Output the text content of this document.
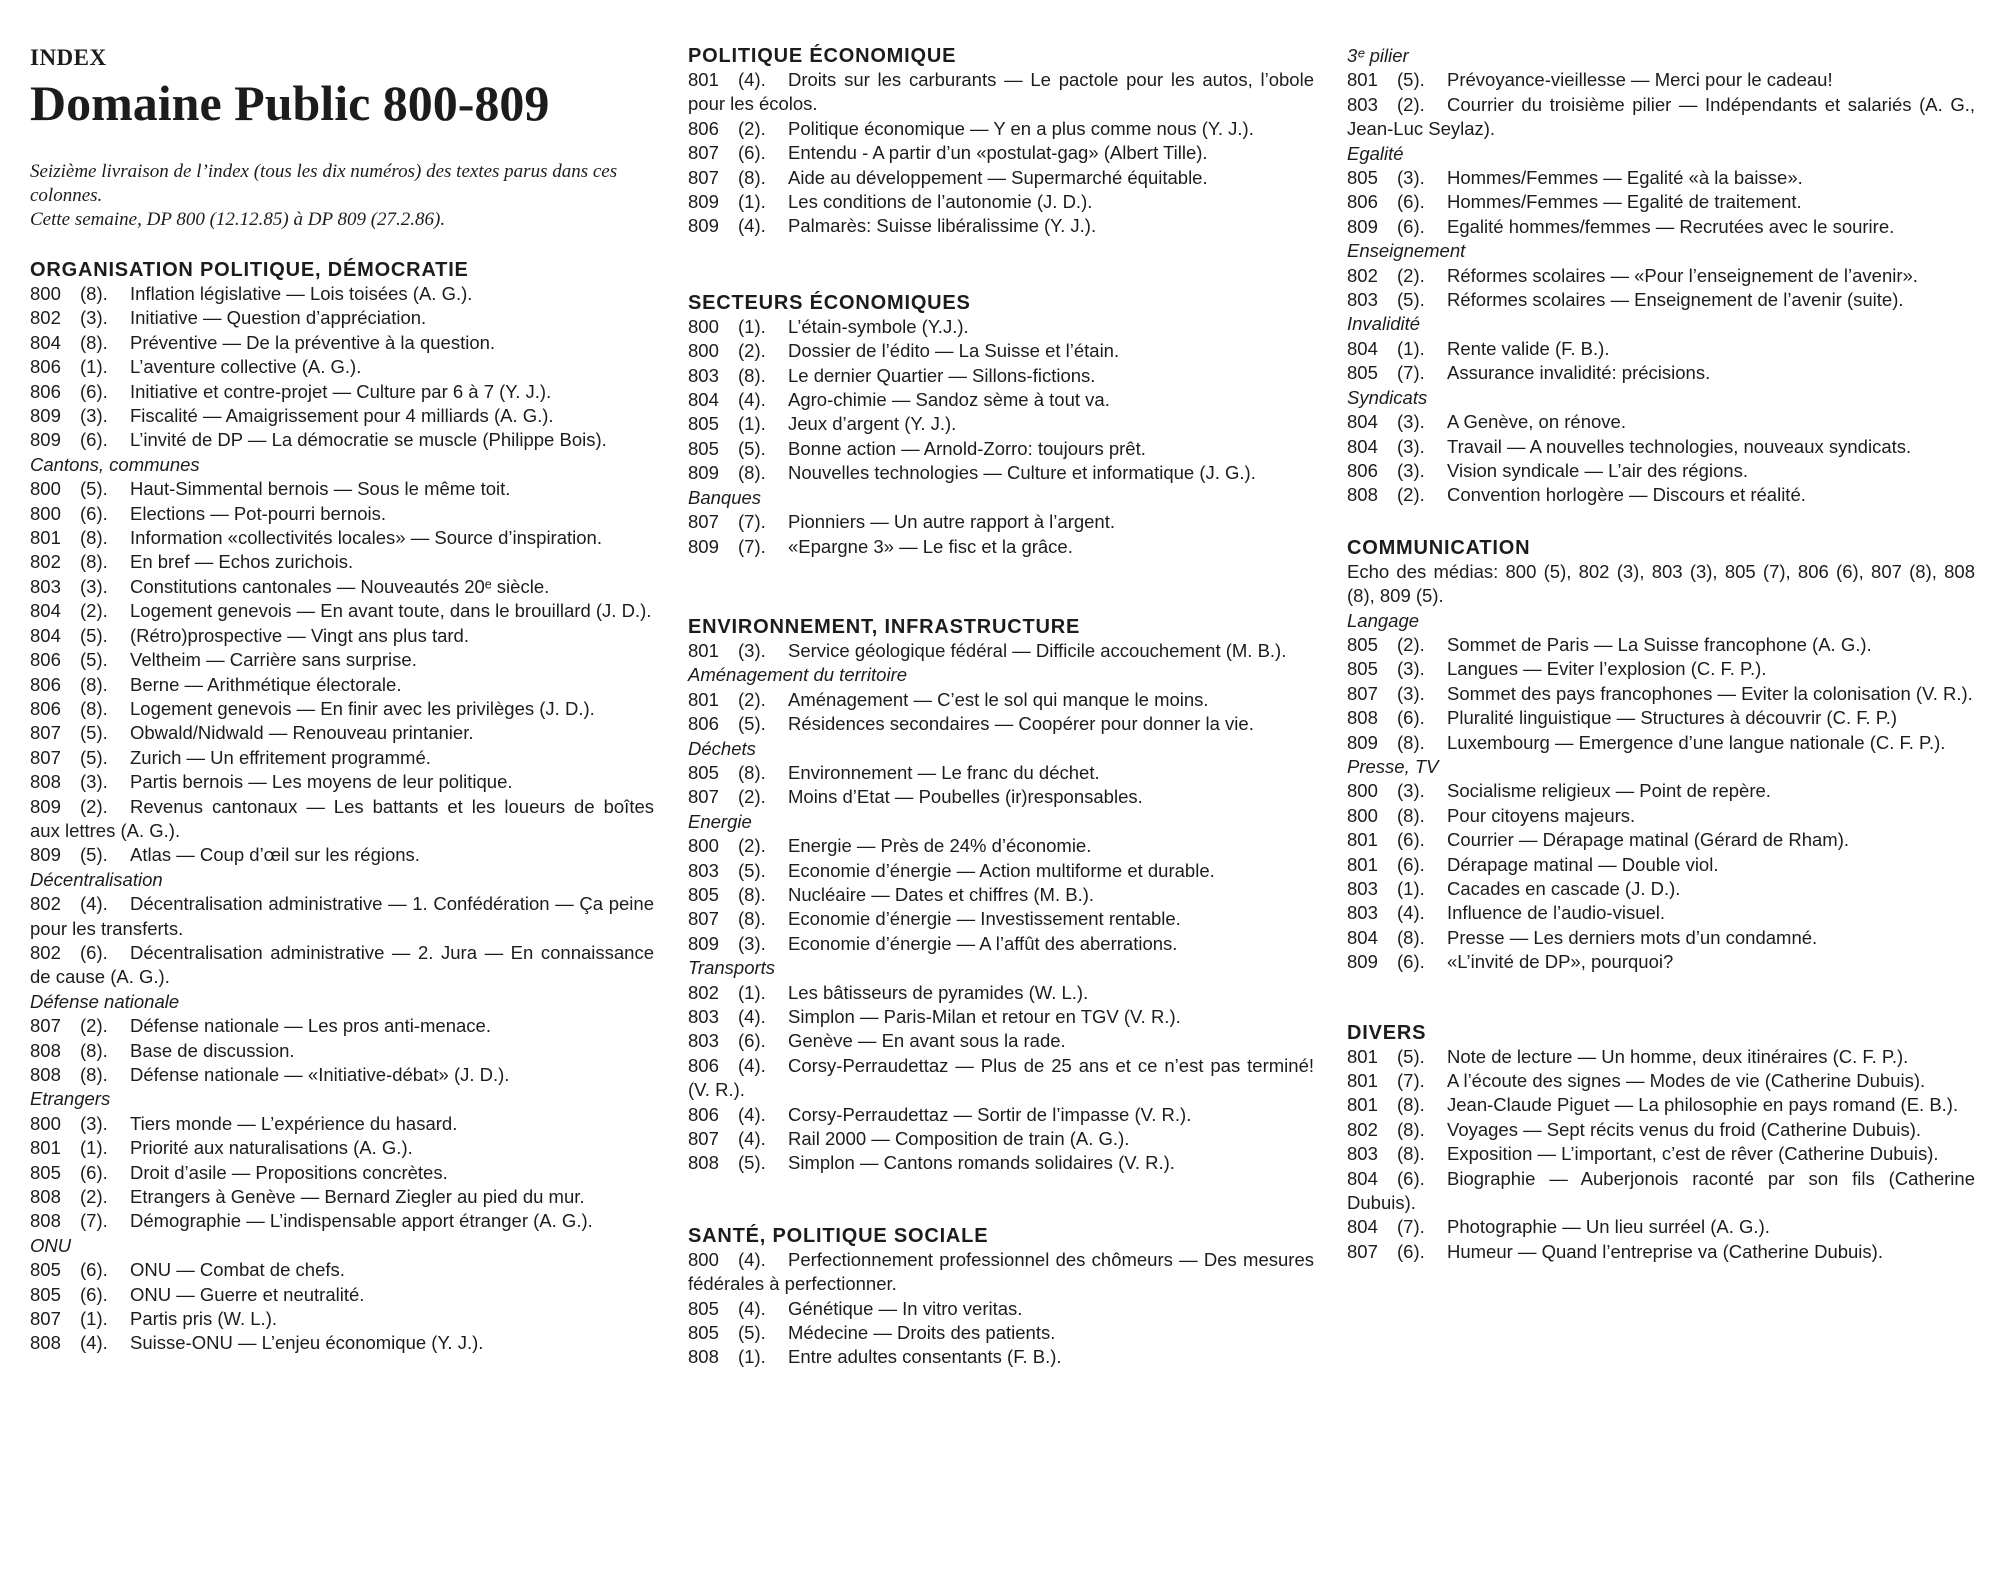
INDEX
Domaine Public 800-809
Seizième livraison de l’index (tous les dix numéros) des textes parus dans ces colonnes.
Cette semaine, DP 800 (12.12.85) à DP 809 (27.2.86).
ORGANISATION POLITIQUE, DÉMOCRATIE
800 (8). Inflation législative — Lois toisées (A. G.).
802 (3). Initiative — Question d’appréciation.
804 (8). Préventive — De la préventive à la question.
806 (1). L’aventure collective (A. G.).
806 (6). Initiative et contre-projet — Culture par 6 à 7 (Y. J.).
809 (3). Fiscalité — Amaigrissement pour 4 milliards (A. G.).
809 (6). L’invité de DP — La démocratie se muscle (Philippe Bois).
Cantons, communes
800 (5). Haut-Simmental bernois — Sous le même toit.
800 (6). Elections — Pot-pourri bernois.
801 (8). Information «collectivités locales» — Source d’inspiration.
802 (8). En bref — Echos zurichois.
803 (3). Constitutions cantonales — Nouveautés 20ᵉ siècle.
804 (2). Logement genevois — En avant toute, dans le brouillard (J. D.).
804 (5). (Rétro)prospective — Vingt ans plus tard.
806 (5). Veltheim — Carrière sans surprise.
806 (8). Berne — Arithmétique électorale.
806 (8). Logement genevois — En finir avec les privilèges (J. D.).
807 (5). Obwald/Nidwald — Renouveau printanier.
807 (5). Zurich — Un effritement programmé.
808 (3). Partis bernois — Les moyens de leur politique.
809 (2). Revenus cantonaux — Les battants et les loueurs de boîtes aux lettres (A. G.).
809 (5). Atlas — Coup d’œil sur les régions.
Décentralisation
802 (4). Décentralisation administrative — 1. Confédération — Ça peine pour les transferts.
802 (6). Décentralisation administrative — 2. Jura — En connaissance de cause (A. G.).
Défense nationale
807 (2). Défense nationale — Les pros anti-menace.
808 (8). Base de discussion.
808 (8). Défense nationale — «Initiative-débat» (J. D.).
Etrangers
800 (3). Tiers monde — L’expérience du hasard.
801 (1). Priorité aux naturalisations (A. G.).
805 (6). Droit d’asile — Propositions concrètes.
808 (2). Etrangers à Genève — Bernard Ziegler au pied du mur.
808 (7). Démographie — L’indispensable apport étranger (A. G.).
ONU
805 (6). ONU — Combat de chefs.
805 (6). ONU — Guerre et neutralité.
807 (1). Partis pris (W. L.).
808 (4). Suisse-ONU — L’enjeu économique (Y. J.).
POLITIQUE ÉCONOMIQUE
801 (4). Droits sur les carburants — Le pactole pour les autos, l’obole pour les écolos.
806 (2). Politique économique — Y en a plus comme nous (Y. J.).
807 (6). Entendu - A partir d’un «postulat-gag» (Albert Tille).
807 (8). Aide au développement — Supermarché équitable.
809 (1). Les conditions de l’autonomie (J. D.).
809 (4). Palmarès: Suisse libéralissime (Y. J.).
SECTEURS ÉCONOMIQUES
800 (1). L’étain-symbole (Y.J.).
800 (2). Dossier de l’édito — La Suisse et l’étain.
803 (8). Le dernier Quartier — Sillons-fictions.
804 (4). Agro-chimie — Sandoz sème à tout va.
805 (1). Jeux d’argent (Y. J.).
805 (5). Bonne action — Arnold-Zorro: toujours prêt.
809 (8). Nouvelles technologies — Culture et informatique (J. G.).
Banques
807 (7). Pionniers — Un autre rapport à l’argent.
809 (7). «Epargne 3» — Le fisc et la grâce.
ENVIRONNEMENT, INFRASTRUCTURE
801 (3). Service géologique fédéral — Difficile accouchement (M. B.).
Aménagement du territoire
801 (2). Aménagement — C’est le sol qui manque le moins.
806 (5). Résidences secondaires — Coopérer pour donner la vie.
Déchets
805 (8). Environnement — Le franc du déchet.
807 (2). Moins d’Etat — Poubelles (ir)responsables.
Energie
800 (2). Energie — Près de 24% d’économie.
803 (5). Economie d’énergie — Action multiforme et durable.
805 (8). Nucléaire — Dates et chiffres (M. B.).
807 (8). Economie d’énergie — Investissement rentable.
809 (3). Economie d’énergie — A l’affût des aberrations.
Transports
802 (1). Les bâtisseurs de pyramides (W. L.).
803 (4). Simplon — Paris-Milan et retour en TGV (V. R.).
803 (6). Genève — En avant sous la rade.
806 (4). Corsy-Perraudettaz — Plus de 25 ans et ce n’est pas terminé! (V. R.).
806 (4). Corsy-Perraudettaz — Sortir de l’impasse (V. R.).
807 (4). Rail 2000 — Composition de train (A. G.).
808 (5). Simplon — Cantons romands solidaires (V. R.).
SANTÉ, POLITIQUE SOCIALE
800 (4). Perfectionnement professionnel des chômeurs — Des mesures fédérales à perfectionner.
805 (4). Génétique — In vitro veritas.
805 (5). Médecine — Droits des patients.
808 (1). Entre adultes consentants (F. B.).
3ᵉ pilier
801 (5). Prévoyance-vieillesse — Merci pour le cadeau!
803 (2). Courrier du troisième pilier — Indépendants et salariés (A. G., Jean-Luc Seylaz).
Egalité
805 (3). Hommes/Femmes — Egalité «à la baisse».
806 (6). Hommes/Femmes — Egalité de traitement.
809 (6). Egalité hommes/femmes — Recrutées avec le sourire.
Enseignement
802 (2). Réformes scolaires — «Pour l’enseignement de l’avenir».
803 (5). Réformes scolaires — Enseignement de l’avenir (suite).
Invalidité
804 (1). Rente valide (F. B.).
805 (7). Assurance invalidité: précisions.
Syndicats
804 (3). A Genève, on rénove.
804 (3). Travail — A nouvelles technologies, nouveaux syndicats.
806 (3). Vision syndicale — L’air des régions.
808 (2). Convention horlogère — Discours et réalité.
COMMUNICATION
Echo des médias: 800 (5), 802 (3), 803 (3), 805 (7), 806 (6), 807 (8), 808 (8), 809 (5).
Langage
805 (2). Sommet de Paris — La Suisse francophone (A. G.).
805 (3). Langues — Eviter l’explosion (C. F. P.).
807 (3). Sommet des pays francophones — Eviter la colonisation (V. R.).
808 (6). Pluralité linguistique — Structures à découvrir (C. F. P.)
809 (8). Luxembourg — Emergence d’une langue nationale (C. F. P.).
Presse, TV
800 (3). Socialisme religieux — Point de repère.
800 (8). Pour citoyens majeurs.
801 (6). Courrier — Dérapage matinal (Gérard de Rham).
801 (6). Dérapage matinal — Double viol.
803 (1). Cacades en cascade (J. D.).
803 (4). Influence de l’audio-visuel.
804 (8). Presse — Les derniers mots d’un condamné.
809 (6). «L’invité de DP», pourquoi?
DIVERS
801 (5). Note de lecture — Un homme, deux itinéraires (C. F. P.).
801 (7). A l’écoute des signes — Modes de vie (Catherine Dubuis).
801 (8). Jean-Claude Piguet — La philosophie en pays romand (E. B.).
802 (8). Voyages — Sept récits venus du froid (Catherine Dubuis).
803 (8). Exposition — L’important, c’est de rêver (Catherine Dubuis).
804 (6). Biographie — Auberjonois raconté par son fils (Catherine Dubuis).
804 (7). Photographie — Un lieu surréel (A. G.).
807 (6). Humeur — Quand l’entreprise va (Catherine Dubuis).
